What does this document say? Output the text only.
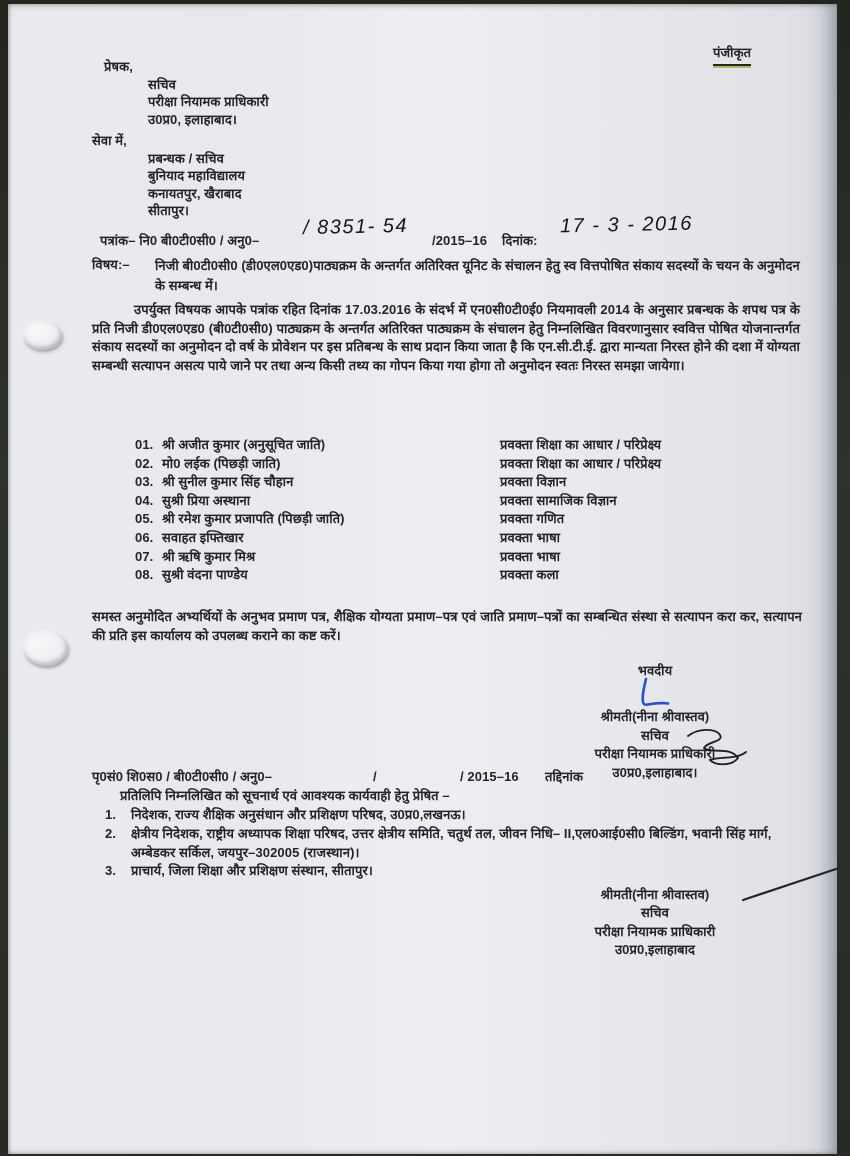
पंजीकृत
प्रेषक,
सचिव
परीक्षा नियामक प्राधिकारी
उ0प्र0, इलाहाबाद।
सेवा में,
प्रबन्धक / सचिव
बुनियाद महाविद्यालय
कनायतपुर, खैराबाद
सीतापुर।
पत्रांक– नि0 बी0टी0सी0 / अनु0–
/ 8351- 54
/2015–16 दिनांक:
17 - 3 - 2016
विषय:– निजी बी0टी0सी0 (डी0एल0एड0)पाठ्यक्रम के अन्तर्गत अतिरिक्त यूनिट के संचालन हेतु स्व वित्तपोषित संकाय सदस्यों के चयन के अनुमोदन के सम्बन्ध में।
उपर्युक्त विषयक आपके पत्रांक रहित दिनांक 17.03.2016 के संदर्भ में एन0सी0टी0ई0 नियमावली 2014 के अनुसार प्रबन्धक के शपथ पत्र के प्रति निजी डी0एल0एड0 (बी0टी0सी0) पाठ्यक्रम के अन्तर्गत अतिरिक्त पाठ्यक्रम के संचालन हेतु निम्नलिखित विवरणानुसार स्ववित्त पोषित योजनान्तर्गत संकाय सदस्यों का अनुमोदन दो वर्ष के प्रोवेशन पर इस प्रतिबन्ध के साथ प्रदान किया जाता है कि एन.सी.टी.ई. द्वारा मान्यता निरस्त होने की दशा में योग्यता सम्बन्धी सत्यापन असत्य पाये जाने पर तथा अन्य किसी तथ्य का गोपन किया गया होगा तो अनुमोदन स्वतः निरस्त समझा जायेगा।
01. श्री अजीत कुमार (अनुसूचित जाति)	प्रवक्ता शिक्षा का आधार / परिप्रेक्ष्य
02. मो0 लईक (पिछड़ी जाति)	प्रवक्ता शिक्षा का आधार / परिप्रेक्ष्य
03. श्री सुनील कुमार सिंह चौहान	प्रवक्ता विज्ञान
04. सुश्री प्रिया अस्थाना	प्रवक्ता सामाजिक विज्ञान
05. श्री रमेश कुमार प्रजापति (पिछड़ी जाति)	प्रवक्ता गणित
06. सवाहत इफ्तिखार	प्रवक्ता भाषा
07. श्री ऋषि कुमार मिश्र	प्रवक्ता भाषा
08. सुश्री वंदना पाण्डेय	प्रवक्ता कला
समस्त अनुमोदित अभ्यर्थियों के अनुभव प्रमाण पत्र, शैक्षिक योग्यता प्रमाण–पत्र एवं जाति प्रमाण–पत्रों का सम्बन्धित संस्था से सत्यापन करा कर, सत्यापन की प्रति इस कार्यालय को उपलब्ध कराने का कष्ट करें।
भवदीय
श्रीमती(नीना श्रीवास्तव)
सचिव
परीक्षा नियामक प्राधिकारी
उ0प्र0,इलाहाबाद।
पृ0सं0 शि0स0 / बी0टी0सी0 / अनु0–	/	/ 2015–16 तद्दिनांक
प्रतिलिपि निम्नलिखित को सूचनार्थ एवं आवश्यक कार्यवाही हेतु प्रेषित –
1.	निदेशक, राज्य शैक्षिक अनुसंधान और प्रशिक्षण परिषद, उ0प्र0,लखनऊ।
2.	क्षेत्रीय निदेशक, राष्ट्रीय अध्यापक शिक्षा परिषद, उत्तर क्षेत्रीय समिति, चतुर्थ तल, जीवन निधि– II,एल0आई0सी0 बिल्डिंग, भवानी सिंह मार्ग, अम्बेडकर सर्किल, जयपुर–302005 (राजस्थान)।
3.	प्राचार्य, जिला शिक्षा और प्रशिक्षण संस्थान, सीतापुर।
श्रीमती(नीना श्रीवास्तव)
सचिव
परीक्षा नियामक प्राधिकारी
उ0प्र0,इलाहाबाद
